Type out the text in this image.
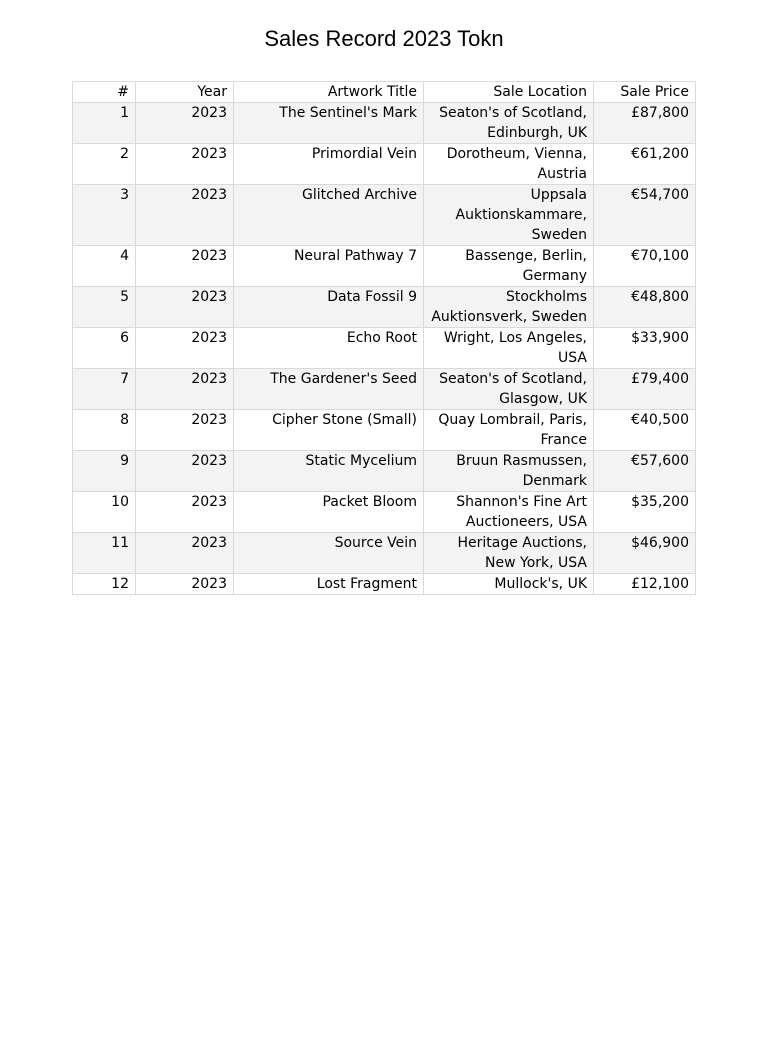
Sales Record 2023 Tokn
#	Year	Artwork Title	Sale Location	Sale Price
1	2023	The Sentinel's Mark	Seaton's of Scotland, Edinburgh, UK	£87,800
2	2023	Primordial Vein	Dorotheum, Vienna, Austria	€61,200
3	2023	Glitched Archive	Uppsala Auktionskammare, Sweden	€54,700
4	2023	Neural Pathway 7	Bassenge, Berlin, Germany	€70,100
5	2023	Data Fossil 9	Stockholms Auktionsverk, Sweden	€48,800
6	2023	Echo Root	Wright, Los Angeles, USA	$33,900
7	2023	The Gardener's Seed	Seaton's of Scotland, Glasgow, UK	£79,400
8	2023	Cipher Stone (Small)	Quay Lombrail, Paris, France	€40,500
9	2023	Static Mycelium	Bruun Rasmussen, Denmark	€57,600
10	2023	Packet Bloom	Shannon's Fine Art Auctioneers, USA	$35,200
11	2023	Source Vein	Heritage Auctions, New York, USA	$46,900
12	2023	Lost Fragment	Mullock's, UK	£12,100
